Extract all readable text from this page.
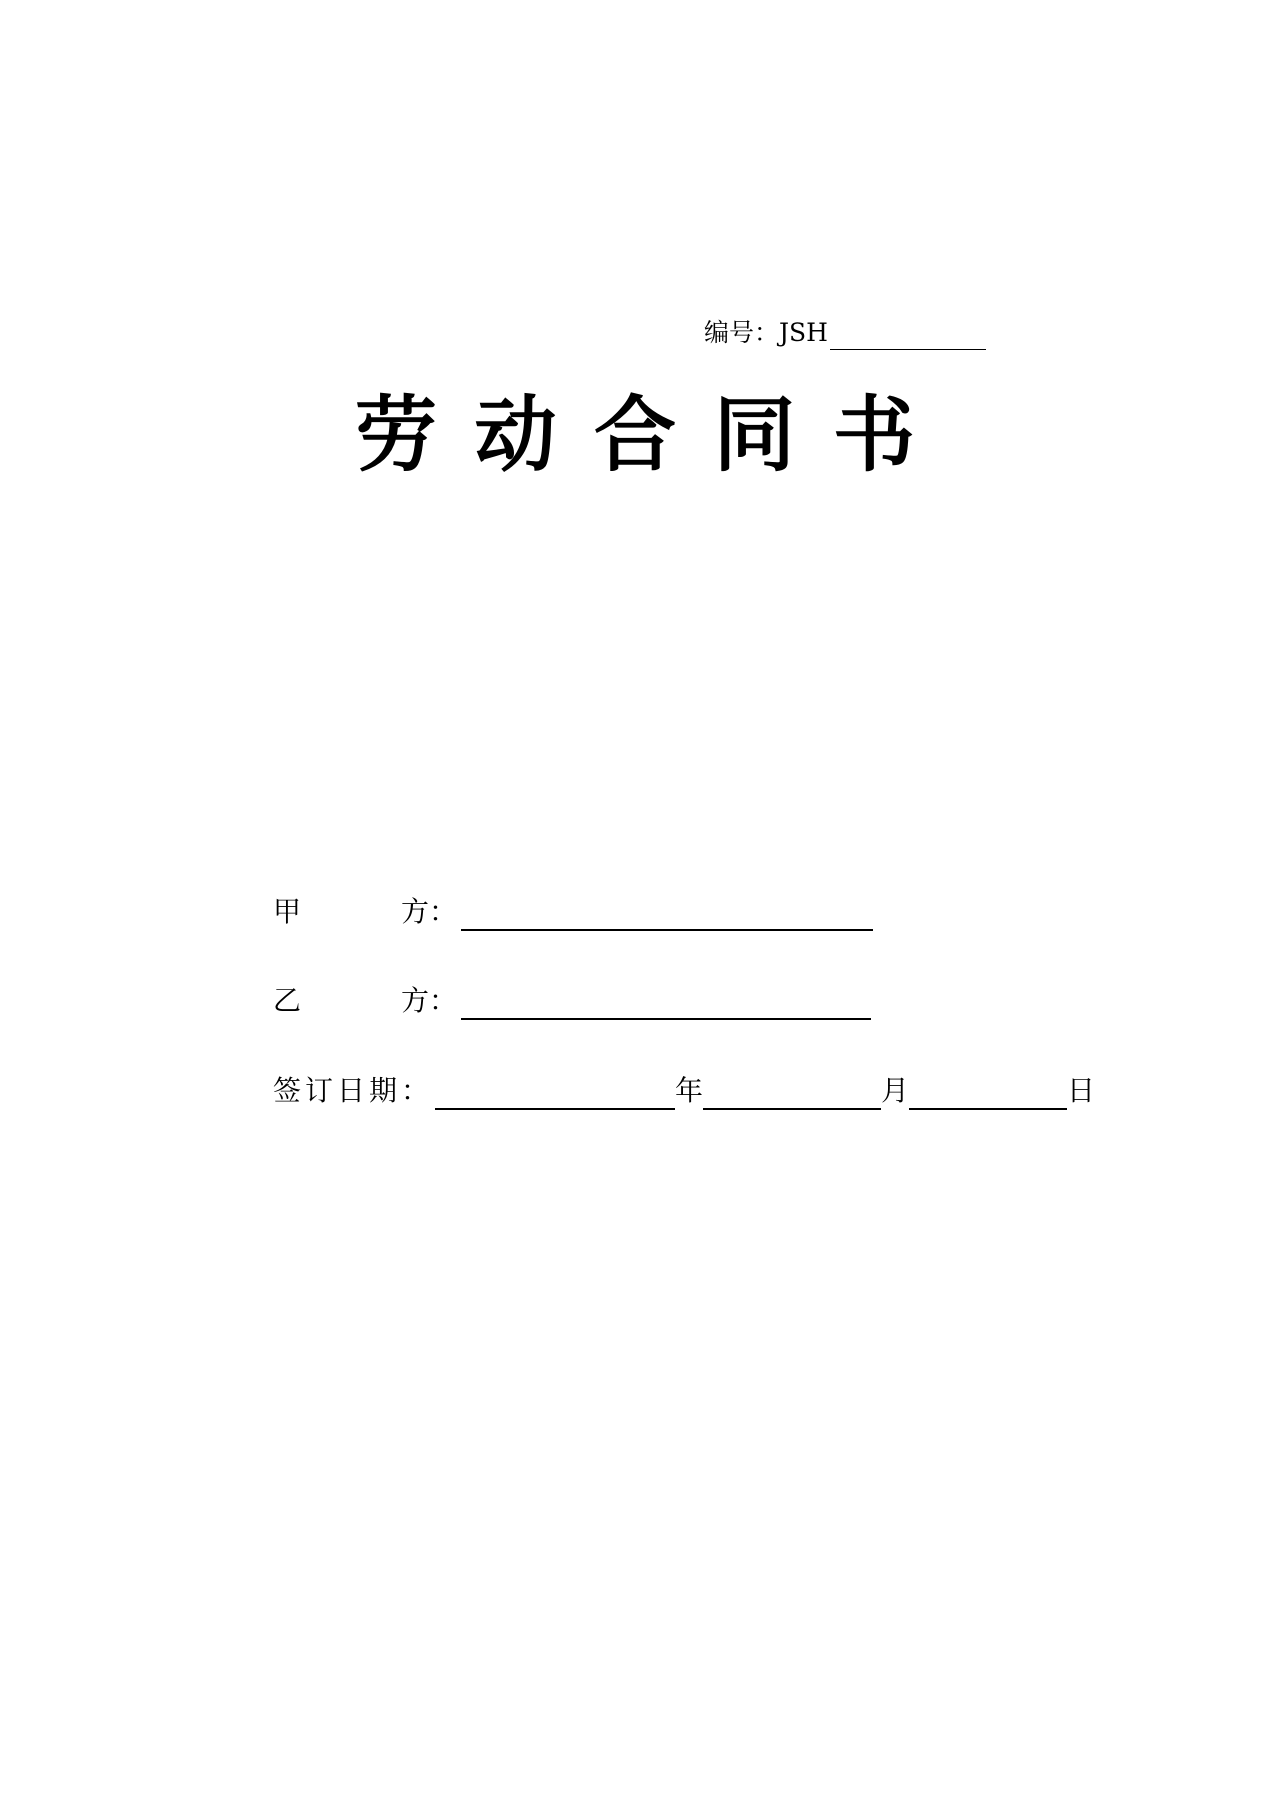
编号：JSH
劳 动 合 同 书
甲	方：
乙	方：
签订日期：	年	月	日
